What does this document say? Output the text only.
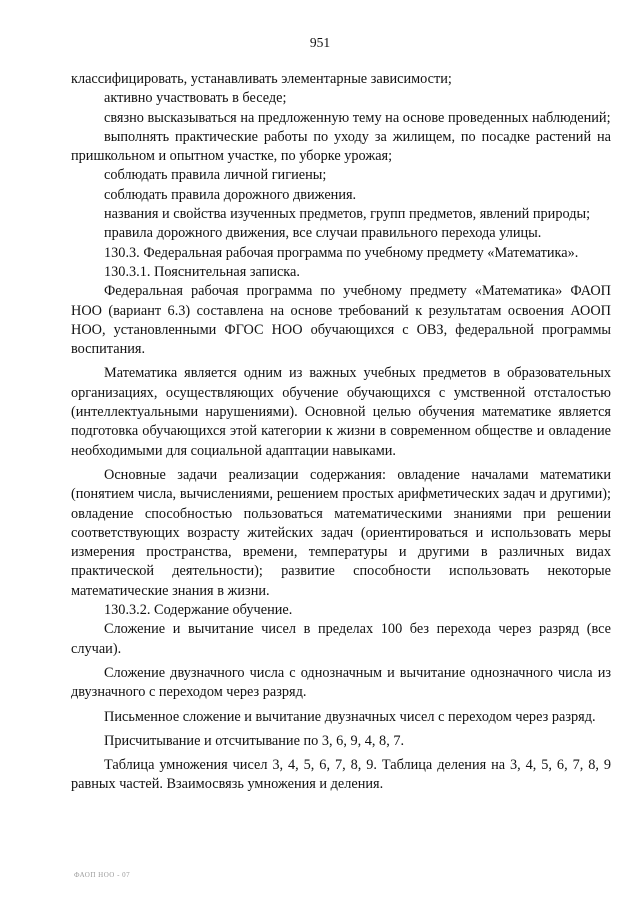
951

классифицировать, устанавливать элементарные зависимости;

активно участвовать в беседе;

связно высказываться на предложенную тему на основе проведенных наблюдений;

выполнять практические работы по уходу за жилищем, по посадке растений на пришкольном и опытном участке, по уборке урожая;

соблюдать правила личной гигиены;

соблюдать правила дорожного движения.

названия и свойства изученных предметов, групп предметов, явлений природы;

правила дорожного движения, все случаи правильного перехода улицы.

130.3. Федеральная рабочая программа по учебному предмету «Математика».

130.3.1. Пояснительная записка.

Федеральная рабочая программа по учебному предмету «Математика» ФАОП НОО (вариант 6.3) составлена на основе требований к результатам освоения АООП НОО, установленными ФГОС НОО обучающихся с ОВЗ, федеральной программы воспитания.

Математика является одним из важных учебных предметов в образовательных организациях, осуществляющих обучение обучающихся с умственной отсталостью (интеллектуальными нарушениями). Основной целью обучения математике является подготовка обучающихся этой категории к жизни в современном обществе и овладение необходимыми для социальной адаптации навыками.

Основные задачи реализации содержания: овладение началами математики (понятием числа, вычислениями, решением простых арифметических задач и другими); овладение способностью пользоваться математическими знаниями при решении соответствующих возрасту житейских задач (ориентироваться и использовать меры измерения пространства, времени, температуры и другими в различных видах практической деятельности); развитие способности использовать некоторые математические знания в жизни.

130.3.2. Содержание обучение.

Сложение и вычитание чисел в пределах 100 без перехода через разряд (все случаи).

Сложение двузначного числа с однозначным и вычитание однозначного числа из двузначного с переходом через разряд.

Письменное сложение и вычитание двузначных чисел с переходом через разряд.

Присчитывание и отсчитывание по 3, 6, 9, 4, 8, 7.

Таблица умножения чисел 3, 4, 5, 6, 7, 8, 9. Таблица деления на 3, 4, 5, 6, 7, 8, 9 равных частей. Взаимосвязь умножения и деления.

ФАОП НОО - 07
